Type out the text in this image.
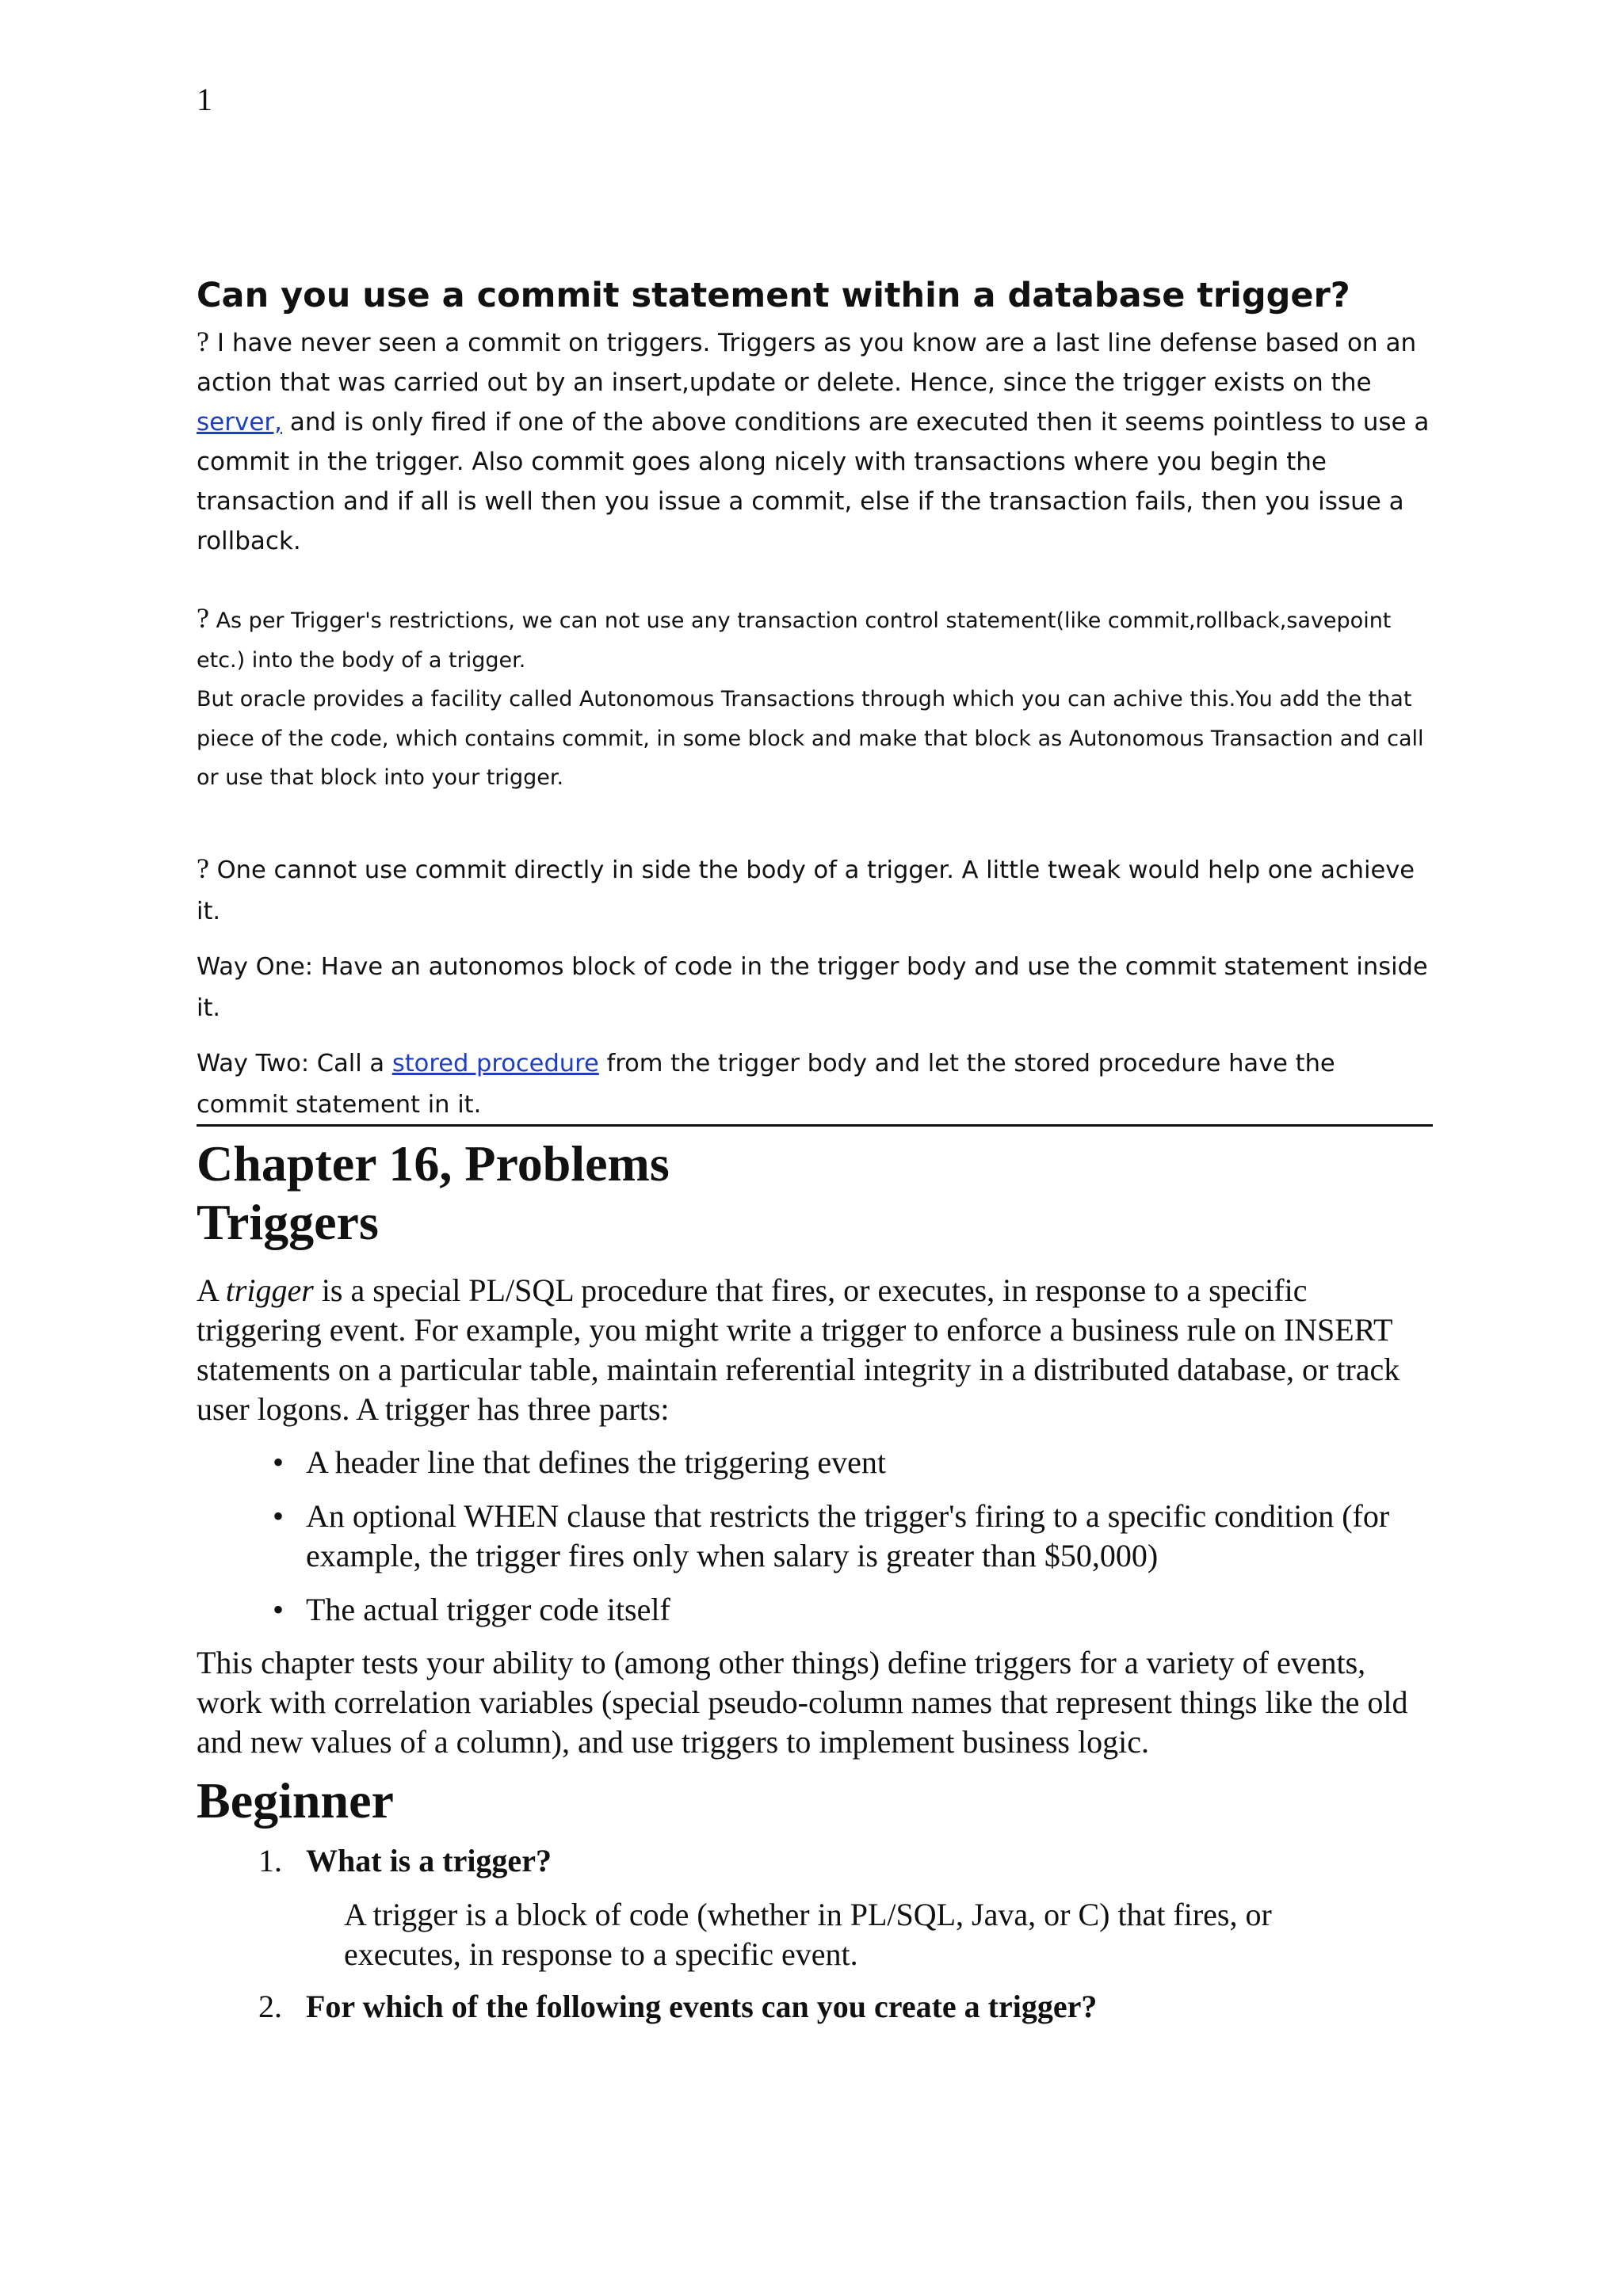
1
Can you use a commit statement within a database trigger?

? I have never seen a commit on triggers. Triggers as you know are a last line defense based on an action that was carried out by an insert,update or delete. Hence, since the trigger exists on the server, and is only fired if one of the above conditions are executed then it seems pointless to use a commit in the trigger. Also commit goes along nicely with transactions where you begin the transaction and if all is well then you issue a commit, else if the transaction fails, then you issue a rollback.

? As per Trigger's restrictions, we can not use any transaction control statement(like commit,rollback,savepoint etc.) into the body of a trigger.
But oracle provides a facility called Autonomous Transactions through which you can achive this.You add the that piece of the code, which contains commit, in some block and make that block as Autonomous Transaction and call or use that block into your trigger.

? One cannot use commit directly in side the body of a trigger. A little tweak would help one achieve it.

Way One: Have an autonomos block of code in the trigger body and use the commit statement inside it.

Way Two: Call a stored procedure from the trigger body and let the stored procedure have the commit statement in it.

Chapter 16, Problems
Triggers

A trigger is a special PL/SQL procedure that fires, or executes, in response to a specific triggering event. For example, you might write a trigger to enforce a business rule on INSERT statements on a particular table, maintain referential integrity in a distributed database, or track user logons. A trigger has three parts:

• A header line that defines the triggering event
• An optional WHEN clause that restricts the trigger's firing to a specific condition (for example, the trigger fires only when salary is greater than $50,000)
• The actual trigger code itself

This chapter tests your ability to (among other things) define triggers for a variety of events, work with correlation variables (special pseudo-column names that represent things like the old and new values of a column), and use triggers to implement business logic.

Beginner
1. What is a trigger?

A trigger is a block of code (whether in PL/SQL, Java, or C) that fires, or executes, in response to a specific event.

2. For which of the following events can you create a trigger?
